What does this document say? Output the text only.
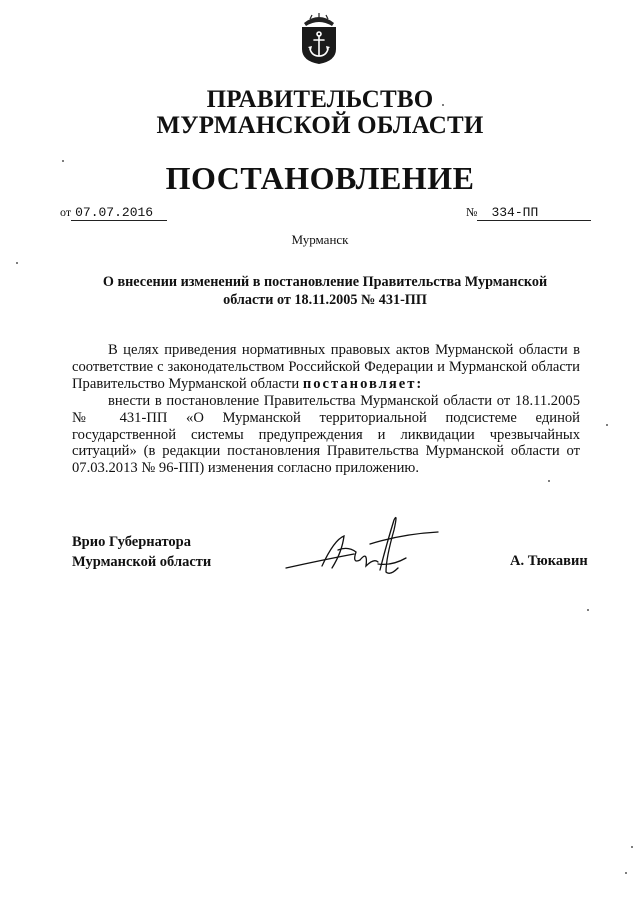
ПРАВИТЕЛЬСТВО
МУРМАНСКОЙ ОБЛАСТИ
ПОСТАНОВЛЕНИЕ
от 07.07.2016	№ 334-ПП
Мурманск
О внесении изменений в постановление Правительства Мурманской
области от 18.11.2005 № 431-ПП
В целях приведения нормативных правовых актов Мурманской области в соответствие с законодательством Российской Федерации и Мурманской области Правительство Мурманской области постановляет:
внести в постановление Правительства Мурманской области от 18.11.2005 № 431-ПП «О Мурманской территориальной подсистеме единой государственной системы предупреждения и ликвидации чрезвычайных ситуаций» (в редакции постановления Правительства Мурманской области от 07.03.2013 № 96-ПП) изменения согласно приложению.
Врио Губернатора
Мурманской области	А. Тюкавин
